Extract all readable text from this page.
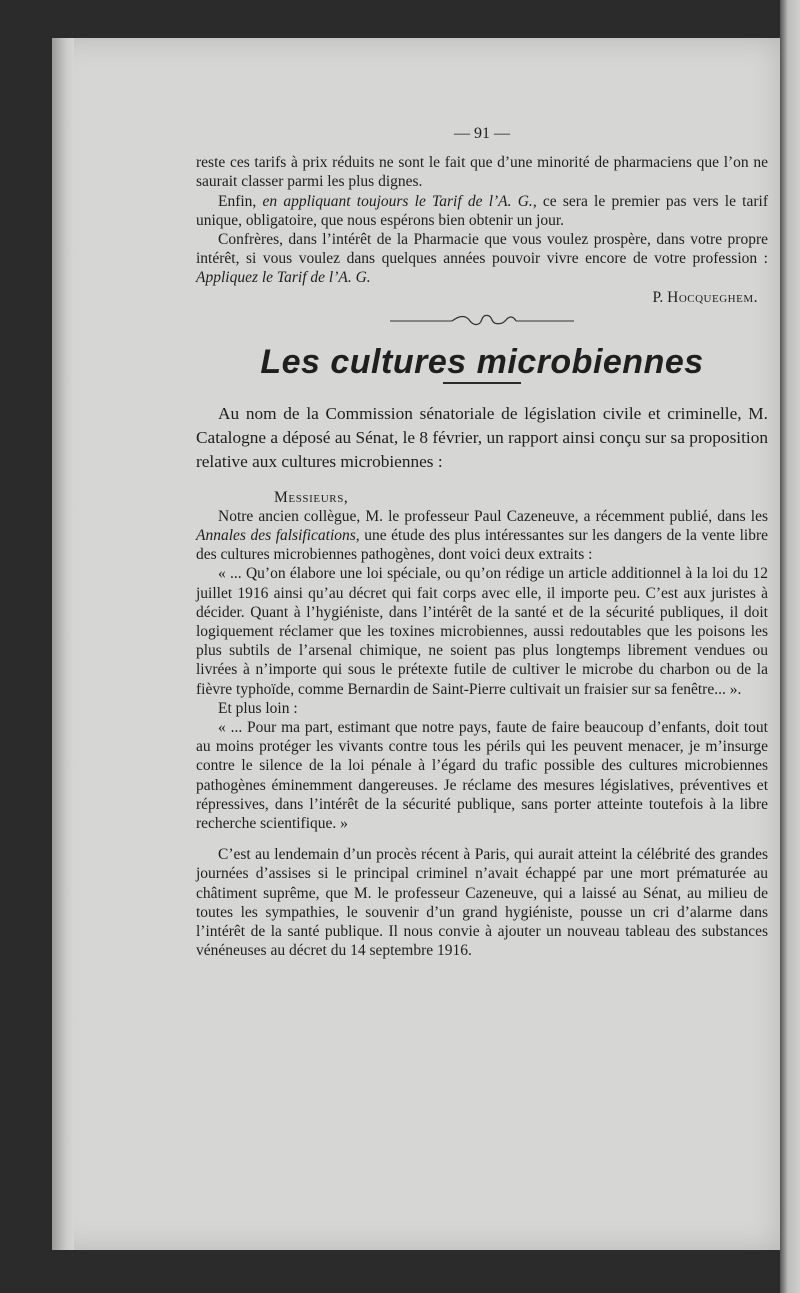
— 91 —

reste ces tarifs à prix réduits ne sont le fait que d’une minorité de pharmaciens que l’on ne saurait classer parmi les plus dignes.

Enfin, en appliquant toujours le Tarif de l’A. G., ce sera le premier pas vers le tarif unique, obligatoire, que nous espérons bien obtenir un jour.

Confrères, dans l’intérêt de la Pharmacie que vous voulez prospère, dans votre propre intérêt, si vous voulez dans quelques années pouvoir vivre encore de votre profession : Appliquez le Tarif de l’A. G.

P. Hocqueghem.

Les cultures microbiennes

Au nom de la Commission sénatoriale de législation civile et criminelle, M. Catalogne a déposé au Sénat, le 8 février, un rapport ainsi conçu sur sa proposition relative aux cultures microbiennes :

Messieurs,

Notre ancien collègue, M. le professeur Paul Cazeneuve, a récemment publié, dans les Annales des falsifications, une étude des plus intéressantes sur les dangers de la vente libre des cultures microbiennes pathogènes, dont voici deux extraits :

« ... Qu’on élabore une loi spéciale, ou qu’on rédige un article additionnel à la loi du 12 juillet 1916 ainsi qu’au décret qui fait corps avec elle, il importe peu. C’est aux juristes à décider. Quant à l’hygiéniste, dans l’intérêt de la santé et de la sécurité publiques, il doit logiquement réclamer que les toxines microbiennes, aussi redoutables que les poisons les plus subtils de l’arsenal chimique, ne soient pas plus longtemps librement vendues ou livrées à n’importe qui sous le prétexte futile de cultiver le microbe du charbon ou de la fièvre typhoïde, comme Bernardin de Saint-Pierre cultivait un fraisier sur sa fenêtre... ».

Et plus loin :

« ... Pour ma part, estimant que notre pays, faute de faire beaucoup d’enfants, doit tout au moins protéger les vivants contre tous les périls qui les peuvent menacer, je m’insurge contre le silence de la loi pénale à l’égard du trafic possible des cultures microbiennes pathogènes éminemment dangereuses. Je réclame des mesures législatives, préventives et répressives, dans l’intérêt de la sécurité publique, sans porter atteinte toutefois à la libre recherche scientifique. »

C’est au lendemain d’un procès récent à Paris, qui aurait atteint la célébrité des grandes journées d’assises si le principal criminel n’avait échappé par une mort prématurée au châtiment suprême, que M. le professeur Cazeneuve, qui a laissé au Sénat, au milieu de toutes les sympathies, le souvenir d’un grand hygiéniste, pousse un cri d’alarme dans l’intérêt de la santé publique. Il nous convie à ajouter un nouveau tableau des substances vénéneuses au décret du 14 septembre 1916.
